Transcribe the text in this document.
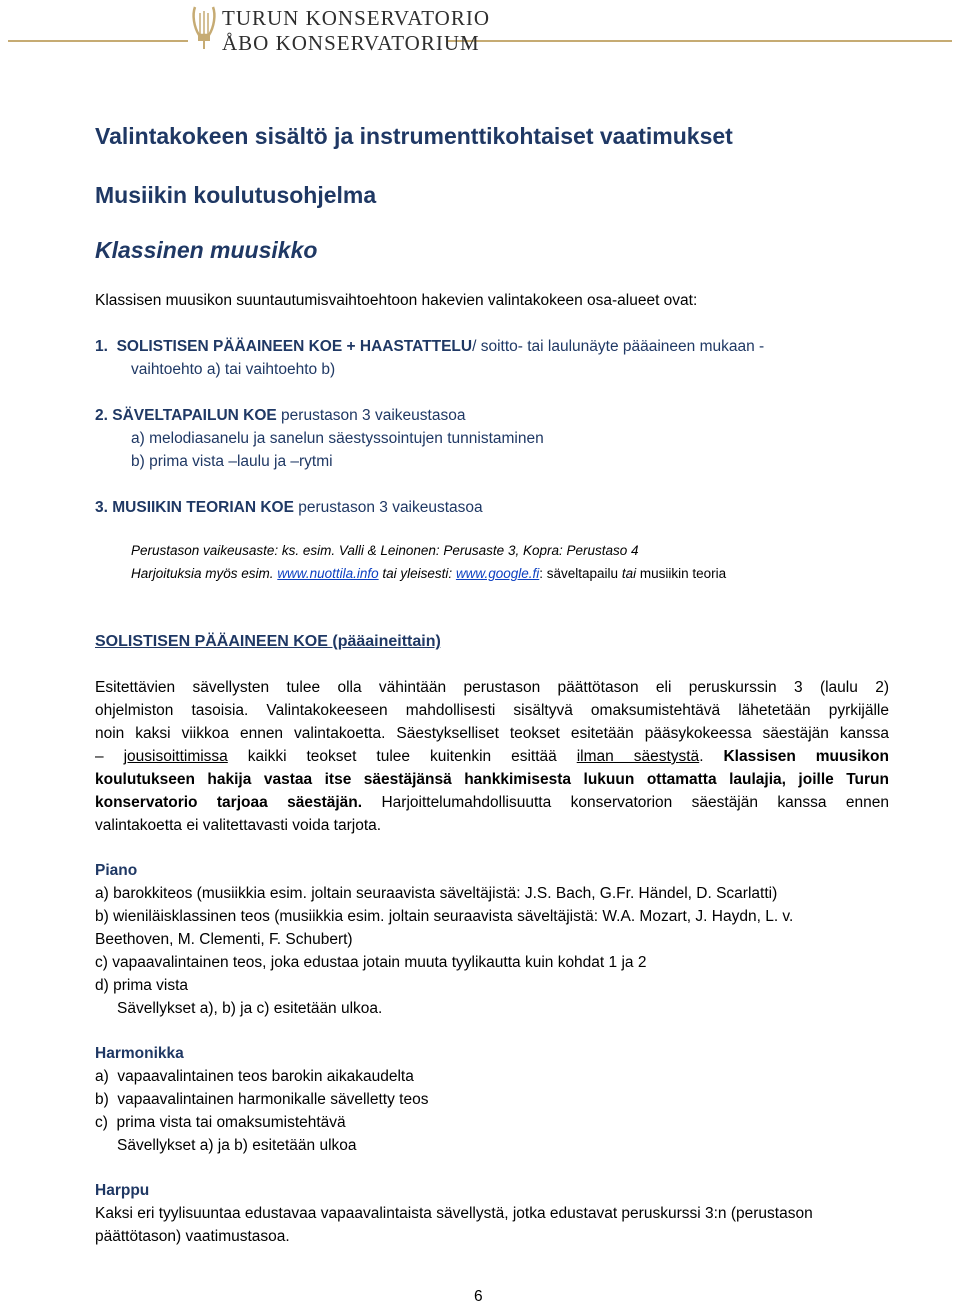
TURUN KONSERVATORIO
ÅBO KONSERVATORIUM
Valintakokeen sisältö ja instrumenttikohtaiset vaatimukset
Musiikin koulutusohjelma
Klassinen muusikko
Klassisen muusikon suuntautumisvaihtoehtoon hakevien valintakokeen osa-alueet ovat:
1. SOLISTISEN PÄÄAINEEN KOE + HAASTATTELU/ soitto- tai laulunäyte pääaineen mukaan -
vaihtoehto a) tai vaihtoehto b)
2. SÄVELTAPAILUN KOE perustason 3 vaikeustasoa
a) melodiasanelu ja sanelun säestyssointujen tunnistaminen
b) prima vista –laulu ja –rytmi
3. MUSIIKIN TEORIAN KOE perustason 3 vaikeustasoa
Perustason vaikeusaste: ks. esim. Valli & Leinonen: Perusaste 3, Kopra: Perustaso 4
Harjoituksia myös esim. www.nuottila.info tai yleisesti: www.google.fi: säveltapailu tai musiikin teoria
SOLISTISEN PÄÄAINEEN KOE (pääaineittain)
Esitettävien sävellysten tulee olla vähintään perustason päättötason eli peruskurssin 3 (laulu 2)
ohjelmiston tasoisia. Valintakokeeseen mahdollisesti sisältyvä omaksumistehtävä lähetetään pyrkijälle
noin kaksi viikkoa ennen valintakoetta. Säestykselliset teokset esitetään pääsykokeessa säestäjän kanssa
– jousisoittimissa kaikki teokset tulee kuitenkin esittää ilman säestystä. Klassisen muusikon
koulutukseen hakija vastaa itse säestäjänsä hankkimisesta lukuun ottamatta laulajia, joille Turun
konservatorio tarjoaa säestäjän. Harjoittelumahdollisuutta konservatorion säestäjän kanssa ennen
valintakoetta ei valitettavasti voida tarjota.
Piano
a) barokkiteos (musiikkia esim. joltain seuraavista säveltäjistä: J.S. Bach, G.Fr. Händel, D. Scarlatti)
b) wieniläisklassinen teos (musiikkia esim. joltain seuraavista säveltäjistä: W.A. Mozart, J. Haydn, L. v.
Beethoven, M. Clementi, F. Schubert)
c) vapaavalintainen teos, joka edustaa jotain muuta tyylikautta kuin kohdat 1 ja 2
d) prima vista
Sävellykset a), b) ja c) esitetään ulkoa.
Harmonikka
a)  vapaavalintainen teos barokin aikakaudelta
b)  vapaavalintainen harmonikalle sävelletty teos
c)  prima vista tai omaksumistehtävä
Sävellykset a) ja b) esitetään ulkoa
Harppu
Kaksi eri tyylisuuntaa edustavaa vapaavalintaista sävellystä, jotka edustavat peruskurssi 3:n (perustason
päättötason) vaatimustasoa.
6
